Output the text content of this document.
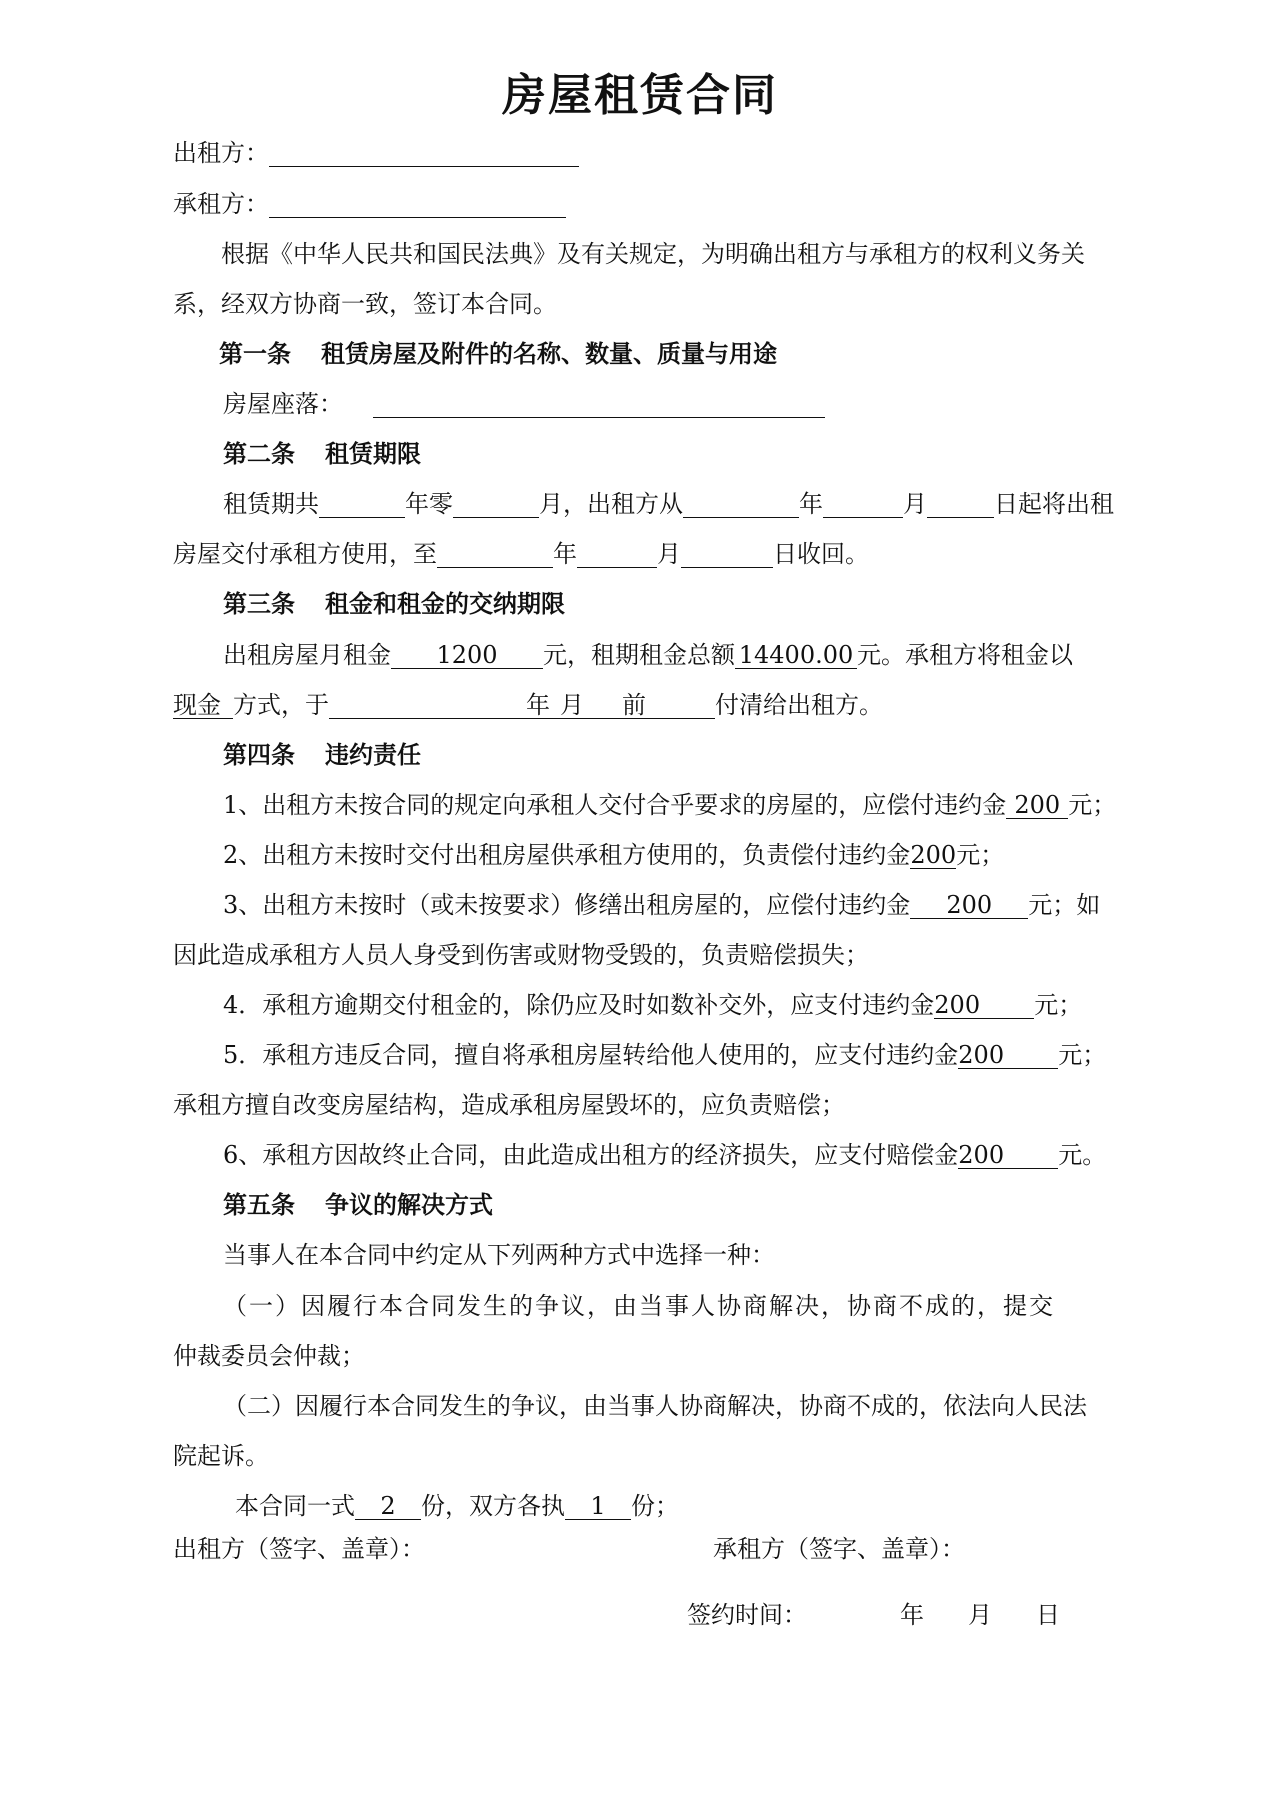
房屋租赁合同
出租方：
承租方：
根据《中华人民共和国民法典》及有关规定，为明确出租方与承租方的权利义务关
系，经双方协商一致，签订本合同。
第一条 租赁房屋及附件的名称、数量、质量与用途
房屋座落：
第二条 租赁期限
租赁期共	年零	月，出租方从	年	月	日起将出租
房屋交付承租方使用，至	年	月	日收回。
第三条 租金和租金的交纳期限
出租房屋月租金 1200 元，租期租金总额 14400.00 元。承租方将租金以
现金 方式，于	年 月 前	付清给出租方。
第四条 违约责任
1、出租方未按合同的规定向承租人交付合乎要求的房屋的，应偿付违约金 200 元；
2、出租方未按时交付出租房屋供承租方使用的，负责偿付违约金200元；
3、出租方未按时（或未按要求）修缮出租房屋的，应偿付违约金 200 元；如
因此造成承租方人员人身受到伤害或财物受毁的，负责赔偿损失；
4．承租方逾期交付租金的，除仍应及时如数补交外，应支付违约金200 元；
5．承租方违反合同，擅自将承租房屋转给他人使用的，应支付违约金200 元；
承租方擅自改变房屋结构，造成承租房屋毁坏的，应负责赔偿；
6、承租方因故终止合同，由此造成出租方的经济损失，应支付赔偿金200 元。
第五条 争议的解决方式
当事人在本合同中约定从下列两种方式中选择一种：
（一）因履行本合同发生的争议，由当事人协商解决，协商不成的，提交
仲裁委员会仲裁；
（二）因履行本合同发生的争议，由当事人协商解决，协商不成的，依法向人民法
院起诉。
本合同一式 2 份，双方各执 1 份；
出租方（签字、盖章）：	承租方（签字、盖章）：
签约时间：	年 月 日
